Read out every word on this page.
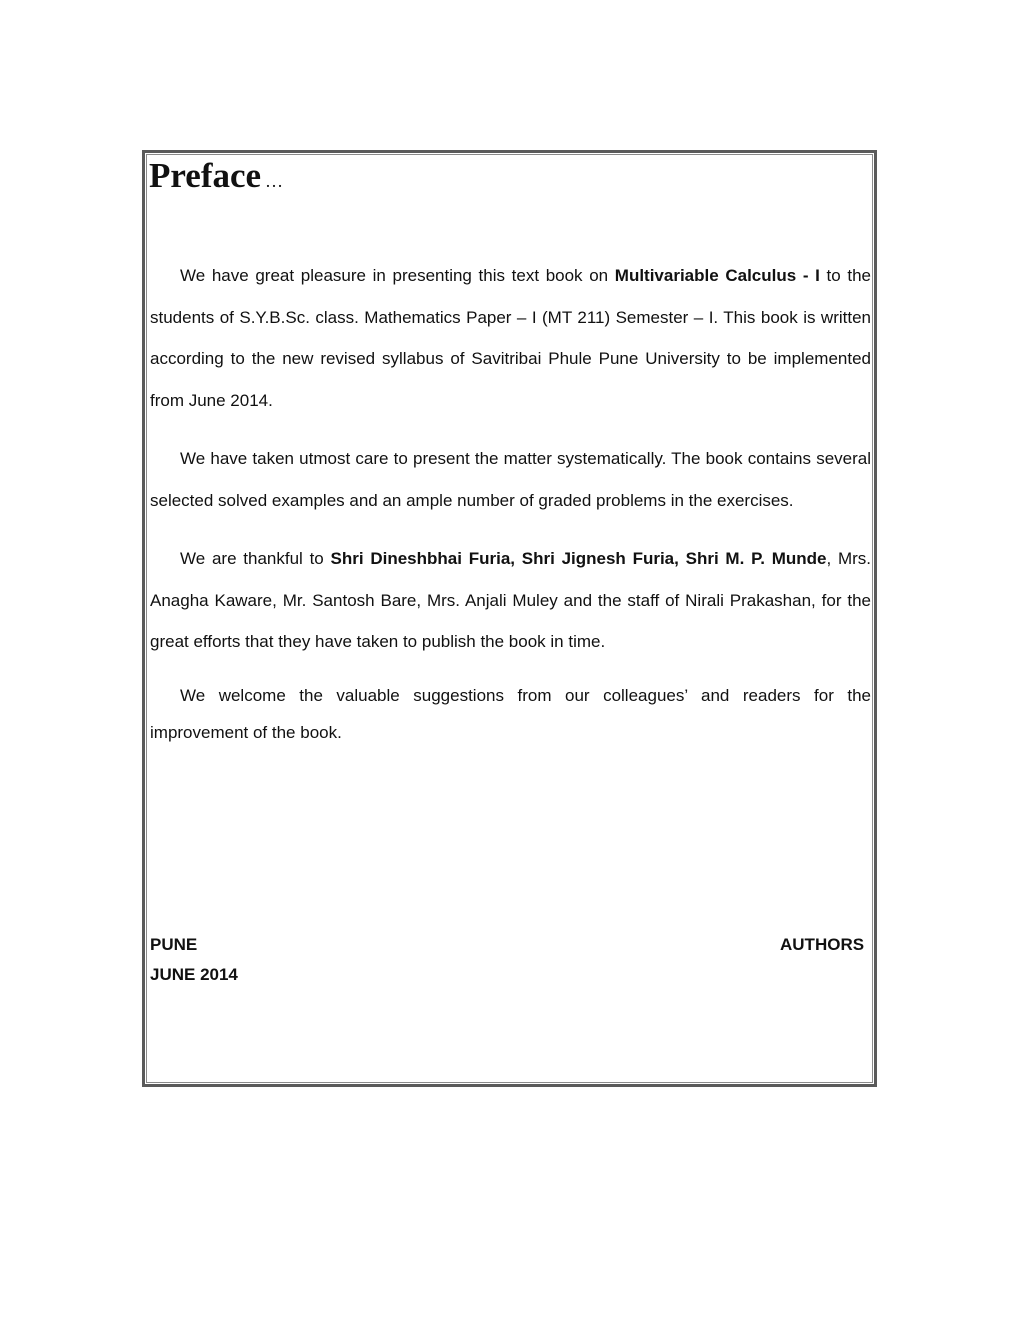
Preface …

We have great pleasure in presenting this text book on Multivariable Calculus - I to the students of S.Y.B.Sc. class. Mathematics Paper – I (MT 211) Semester – I. This book is written according to the new revised syllabus of Savitribai Phule Pune University to be implemented from June 2014.

We have taken utmost care to present the matter systematically. The book contains several selected solved examples and an ample number of graded problems in the exercises.

We are thankful to Shri Dineshbhai Furia, Shri Jignesh Furia, Shri M. P. Munde, Mrs. Anagha Kaware, Mr. Santosh Bare, Mrs. Anjali Muley and the staff of Nirali Prakashan, for the great efforts that they have taken to publish the book in time.

We welcome the valuable suggestions from our colleagues’ and readers for the improvement of the book.

PUNE
JUNE 2014
AUTHORS
